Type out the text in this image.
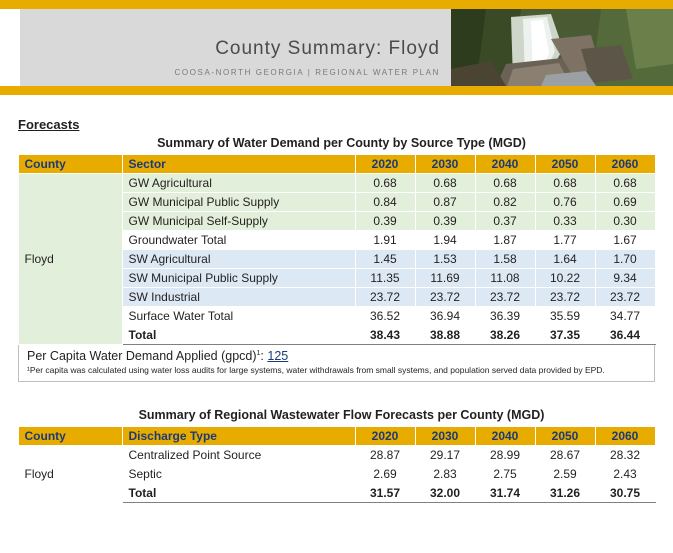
County Summary: Floyd
COOSA-NORTH GEORGIA | REGIONAL WATER PLAN
Forecasts
Summary of Water Demand per County by Source Type (MGD)
County	Sector	2020	2030	2040	2050	2060
Floyd	GW Agricultural	0.68	0.68	0.68	0.68	0.68
	GW Municipal Public Supply	0.84	0.87	0.82	0.76	0.69
	GW Municipal Self-Supply	0.39	0.39	0.37	0.33	0.30
	Groundwater Total	1.91	1.94	1.87	1.77	1.67
	SW Agricultural	1.45	1.53	1.58	1.64	1.70
	SW Municipal Public Supply	11.35	11.69	11.08	10.22	9.34
	SW Industrial	23.72	23.72	23.72	23.72	23.72
	Surface Water Total	36.52	36.94	36.39	35.59	34.77
	Total	38.43	38.88	38.26	37.35	36.44
Per Capita Water Demand Applied (gpcd)$^1$: 125
¹Per capita was calculated using water loss audits for large systems, water withdrawals from small systems, and population served data provided by EPD.
Summary of Regional Wastewater Flow Forecasts per County (MGD)
County	Discharge Type	2020	2030	2040	2050	2060
Floyd	Centralized Point Source	28.87	29.17	28.99	28.67	28.32
	Septic	2.69	2.83	2.75	2.59	2.43
	Total	31.57	32.00	31.74	31.26	30.75
